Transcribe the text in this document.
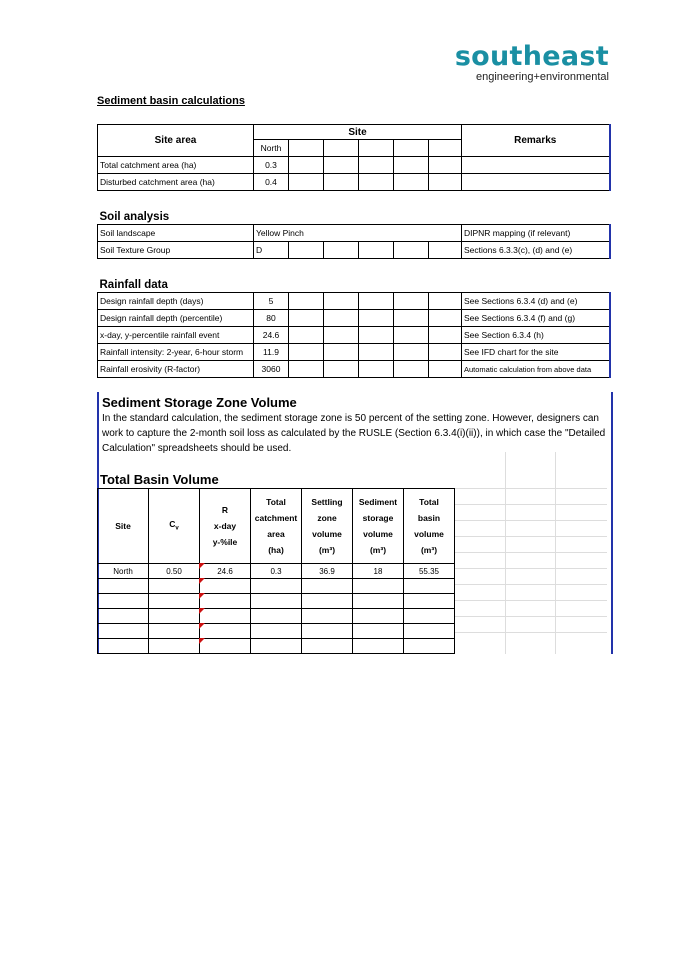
southeast
engineering+environmental
Sediment basin calculations
Site area	Site						Remarks
	North						
Total catchment area (ha)	0.3						
Disturbed catchment area (ha)	0.4						

Soil analysis							
Soil landscape	Yellow Pinch						DIPNR mapping (if relevant)
Soil Texture Group	D						Sections 6.3.3(c), (d) and (e)

Rainfall data							
Design rainfall depth (days)	5						See Sections 6.3.4 (d) and (e)
Design rainfall depth (percentile)	80						See Sections 6.3.4 (f) and (g)
x-day, y-percentile rainfall event	24.6						See Section 6.3.4 (h)
Rainfall intensity: 2-year, 6-hour storm	11.9						See IFD chart for the site
Rainfall erosivity (R-factor)	3060						Automatic calculation from above data
Sediment Storage Zone Volume
In the standard calculation, the sediment storage zone is 50 percent of the setting zone. However, designers can work to capture the 2-month soil loss as calculated by the RUSLE (Section 6.3.4(i)(ii)), in which case the "Detailed Calculation" spreadsheets should be used.
Total Basin Volume
Site	$C_v$	R
x-day
y-%ile	Total
catchment
area
(ha)	Settling
zone
volume
(m³)	Sediment
storage
volume
(m³)	Total
basin
volume
(m³)
North	0.50	24.6	0.3	36.9	18	55.35
